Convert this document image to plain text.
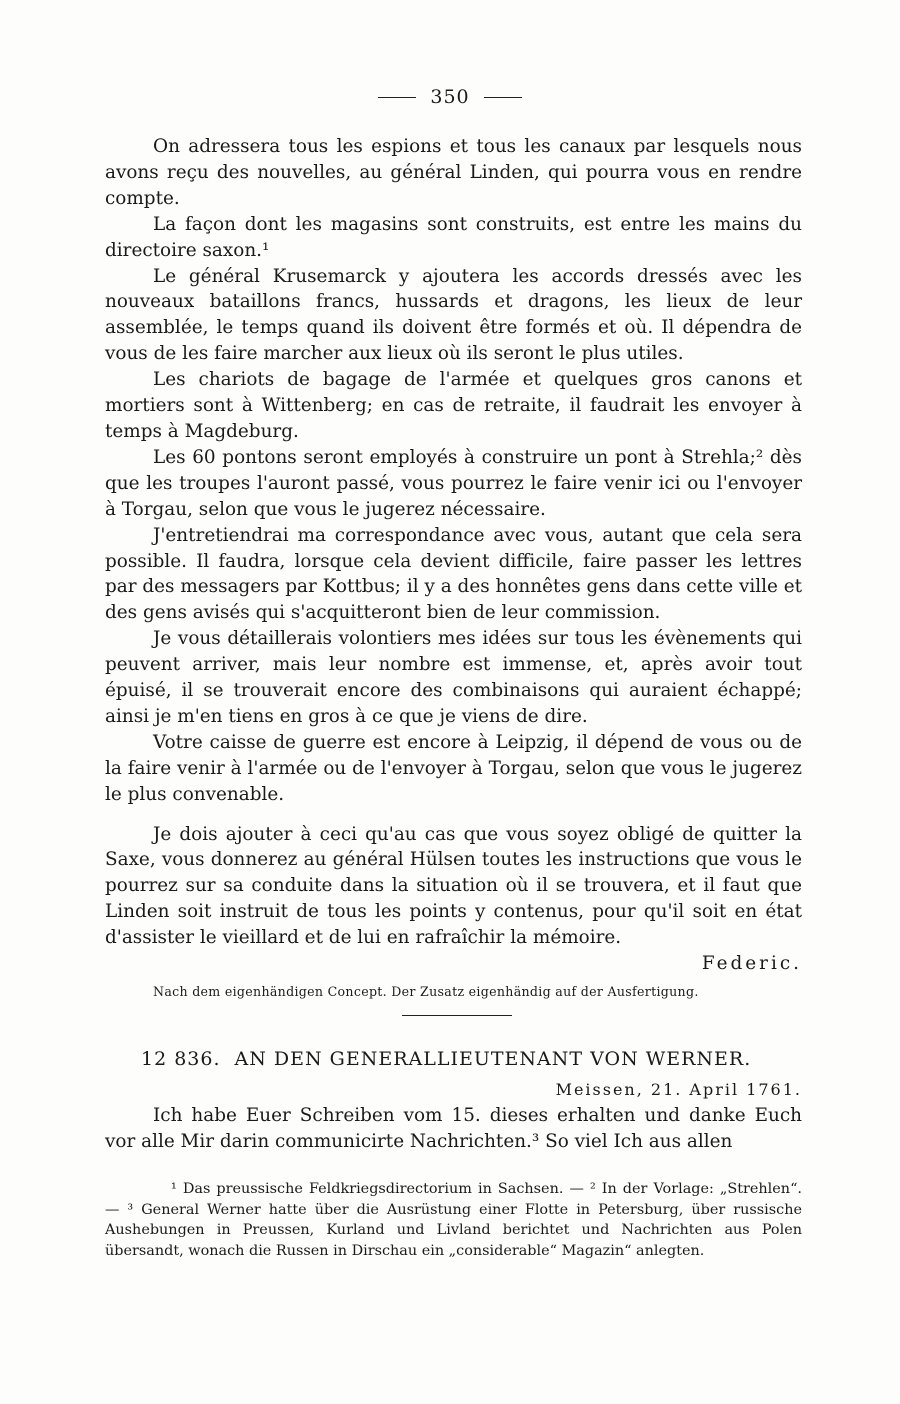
350

On adressera tous les espions et tous les canaux par lesquels nous avons reçu des nouvelles, au général Linden, qui pourra vous en rendre compte.

La façon dont les magasins sont construits, est entre les mains du directoire saxon.¹

Le général Krusemarck y ajoutera les accords dressés avec les nouveaux bataillons francs, hussards et dragons, les lieux de leur assemblée, le temps quand ils doivent être formés et où. Il dépendra de vous de les faire marcher aux lieux où ils seront le plus utiles.

Les chariots de bagage de l'armée et quelques gros canons et mortiers sont à Wittenberg; en cas de retraite, il faudrait les envoyer à temps à Magdeburg.

Les 60 pontons seront employés à construire un pont à Strehla;² dès que les troupes l'auront passé, vous pourrez le faire venir ici ou l'envoyer à Torgau, selon que vous le jugerez nécessaire.

J'entretiendrai ma correspondance avec vous, autant que cela sera possible. Il faudra, lorsque cela devient difficile, faire passer les lettres par des messagers par Kottbus; il y a des honnêtes gens dans cette ville et des gens avisés qui s'acquitteront bien de leur commission.

Je vous détaillerais volontiers mes idées sur tous les évènements qui peuvent arriver, mais leur nombre est immense, et, après avoir tout épuisé, il se trouverait encore des combinaisons qui auraient échappé; ainsi je m'en tiens en gros à ce que je viens de dire.

Votre caisse de guerre est encore à Leipzig, il dépend de vous ou de la faire venir à l'armée ou de l'envoyer à Torgau, selon que vous le jugerez le plus convenable.

Je dois ajouter à ceci qu'au cas que vous soyez obligé de quitter la Saxe, vous donnerez au général Hülsen toutes les instructions que vous le pourrez sur sa conduite dans la situation où il se trouvera, et il faut que Linden soit instruit de tous les points y contenus, pour qu'il soit en état d'assister le vieillard et de lui en rafraîchir la mémoire.

Federic.
Nach dem eigenhändigen Concept. Der Zusatz eigenhändig auf der Ausfertigung.
12 836. AN DEN GENERALLIEUTENANT VON WERNER.
Meissen, 21. April 1761.

Ich habe Euer Schreiben vom 15. dieses erhalten und danke Euch vor alle Mir darin communicirte Nachrichten.³ So viel Ich aus allen

¹ Das preussische Feldkriegsdirectorium in Sachsen. — ² In der Vorlage: „Strehlen“. — ³ General Werner hatte über die Ausrüstung einer Flotte in Petersburg, über russische Aushebungen in Preussen, Kurland und Livland berichtet und Nachrichten aus Polen übersandt, wonach die Russen in Dirschau ein „considerable“ Magazin“ anlegten.
